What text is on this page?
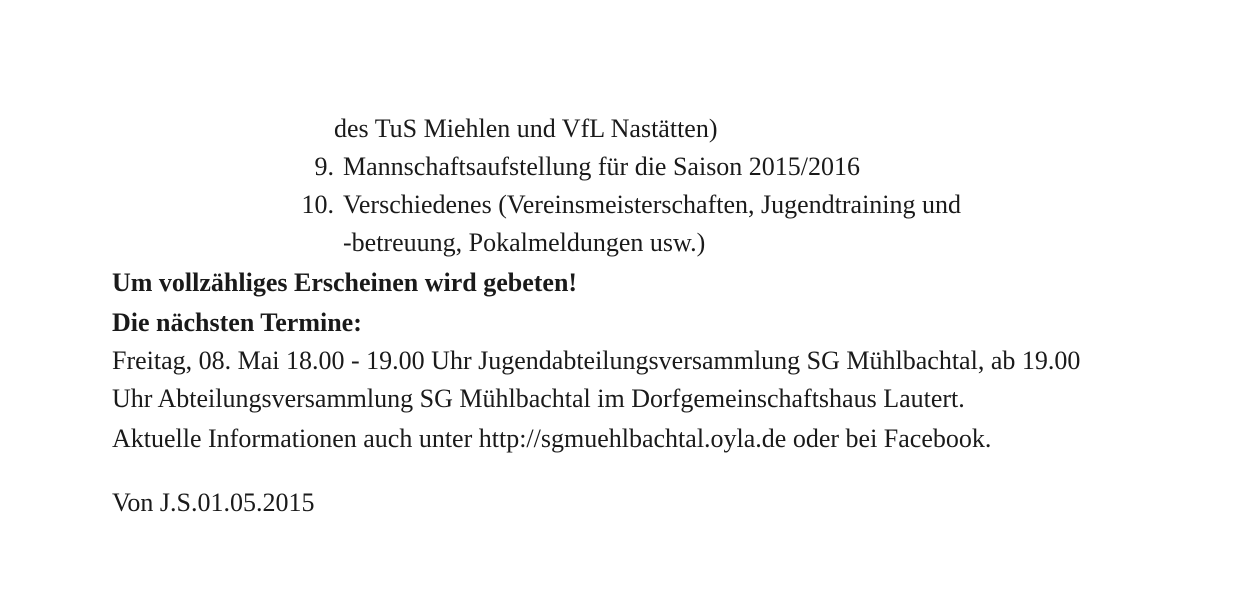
des TuS Miehlen und VfL Nastätten)
9. Mannschaftsaufstellung für die Saison 2015/2016
10. Verschiedenes (Vereinsmeisterschaften, Jugendtraining und
-betreuung, Pokalmeldungen usw.)
Um vollzähliges Erscheinen wird gebeten!
Die nächsten Termine:
Freitag, 08. Mai 18.00 - 19.00 Uhr Jugendabteilungsversammlung SG Mühlbachtal, ab 19.00 Uhr Abteilungsversammlung SG Mühlbachtal im Dorfgemeinschaftshaus Lautert.
Aktuelle Informationen auch unter http://sgmuehlbachtal.oyla.de oder bei Facebook.
Von J.S.01.05.2015
